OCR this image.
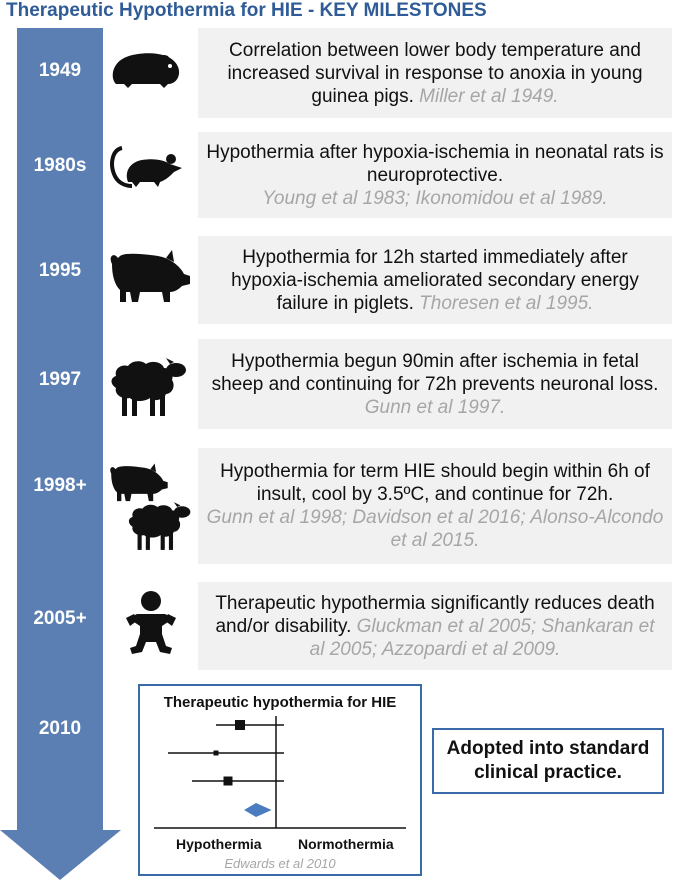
Therapeutic Hypothermia for HIE - KEY MILESTONES
1949
1980s
1995
1997
1998+
2005+
2010

Correlation between lower body temperature and increased survival in response to anoxia in young guinea pigs. Miller et al 1949.

Hypothermia after hypoxia-ischemia in neonatal rats is neuroprotective.
Young et al 1983; Ikonomidou et al 1989.

Hypothermia for 12h started immediately after hypoxia-ischemia ameliorated secondary energy failure in piglets. Thoresen et al 1995.

Hypothermia begun 90min after ischemia in fetal sheep and continuing for 72h prevents neuronal loss. Gunn et al 1997.

Hypothermia for term HIE should begin within 6h of insult, cool by 3.5ºC, and continue for 72h.
Gunn et al 1998; Davidson et al 2016; Alonso-Alcondo et al 2015.

Therapeutic hypothermia significantly reduces death and/or disability. Gluckman et al 2005; Shankaran et al 2005; Azzopardi et al 2009.

Therapeutic hypothermia for HIE
Hypothermia	Normothermia
Edwards et al 2010
Adopted into standard clinical practice.
